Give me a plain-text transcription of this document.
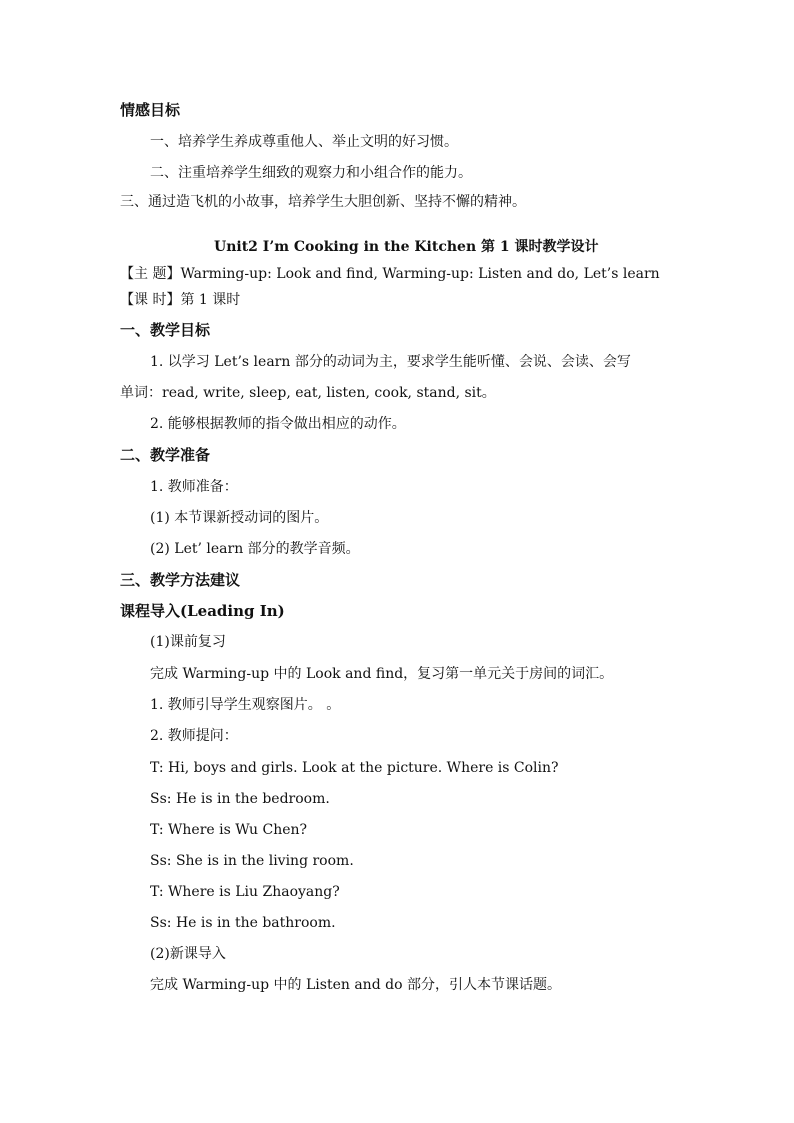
情感目标
一、培养学生养成尊重他人、举止文明的好习惯。
二、注重培养学生细致的观察力和小组合作的能力。
三、通过造飞机的小故事，培养学生大胆创新、坚持不懈的精神。
Unit2 I’m Cooking in the Kitchen 第 1 课时教学设计
【主 题】Warming-up: Look and find, Warming-up: Listen and do, Let’s learn
【课 时】第 1 课时
一、教学目标
1. 以学习 Let’s learn 部分的动词为主，要求学生能听懂、会说、会读、会写
单词：read, write, sleep, eat, listen, cook, stand, sit。
2. 能够根据教师的指令做出相应的动作。
二、教学准备
1. 教师准备：
(1) 本节课新授动词的图片。
(2) Let’ learn 部分的教学音频。
三、教学方法建议
课程导入(Leading In)
(1)课前复习
完成 Warming-up 中的 Look and find，复习第一单元关于房间的词汇。
1. 教师引导学生观察图片。 。
2. 教师提问：
T: Hi, boys and girls. Look at the picture. Where is Colin?
Ss: He is in the bedroom.
T: Where is Wu Chen?
Ss: She is in the living room.
T: Where is Liu Zhaoyang?
Ss: He is in the bathroom.
(2)新课导入
完成 Warming-up 中的 Listen and do 部分，引人本节课话题。
